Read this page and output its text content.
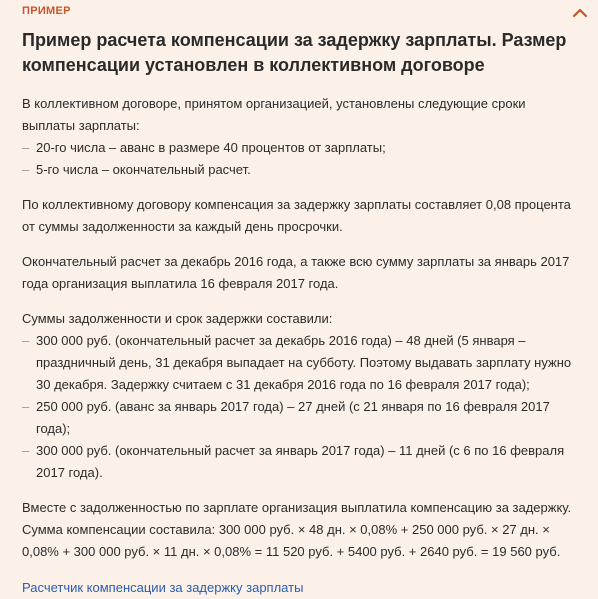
ПРИМЕР
Пример расчета компенсации за задержку зарплаты. Размер компенсации установлен в коллективном договоре

В коллективном договоре, принятом организацией, установлены следующие сроки выплаты зарплаты:

– 20-го числа – аванс в размере 40 процентов от зарплаты;
– 5-го числа – окончательный расчет.

По коллективному договору компенсация за задержку зарплаты составляет 0,08 процента от суммы задолженности за каждый день просрочки.

Окончательный расчет за декабрь 2016 года, а также всю сумму зарплаты за январь 2017 года организация выплатила 16 февраля 2017 года.

Суммы задолженности и срок задержки составили:

– 300 000 руб. (окончательный расчет за декабрь 2016 года) – 48 дней (5 января – праздничный день, 31 декабря выпадает на субботу. Поэтому выдавать зарплату нужно 30 декабря. Задержку считаем с 31 декабря 2016 года по 16 февраля 2017 года);
– 250 000 руб. (аванс за январь 2017 года) – 27 дней (с 21 января по 16 февраля 2017 года);
– 300 000 руб. (окончательный расчет за январь 2017 года) – 11 дней (с 6 по 16 февраля 2017 года).

Вместе с задолженностью по зарплате организация выплатила компенсацию за задержку. Сумма компенсации составила: 300 000 руб. × 48 дн. × 0,08% + 250 000 руб. × 27 дн. × 0,08% + 300 000 руб. × 11 дн. × 0,08% = 11 520 руб. + 5400 руб. + 2640 руб. = 19 560 руб.

Расчетчик компенсации за задержку зарплаты
